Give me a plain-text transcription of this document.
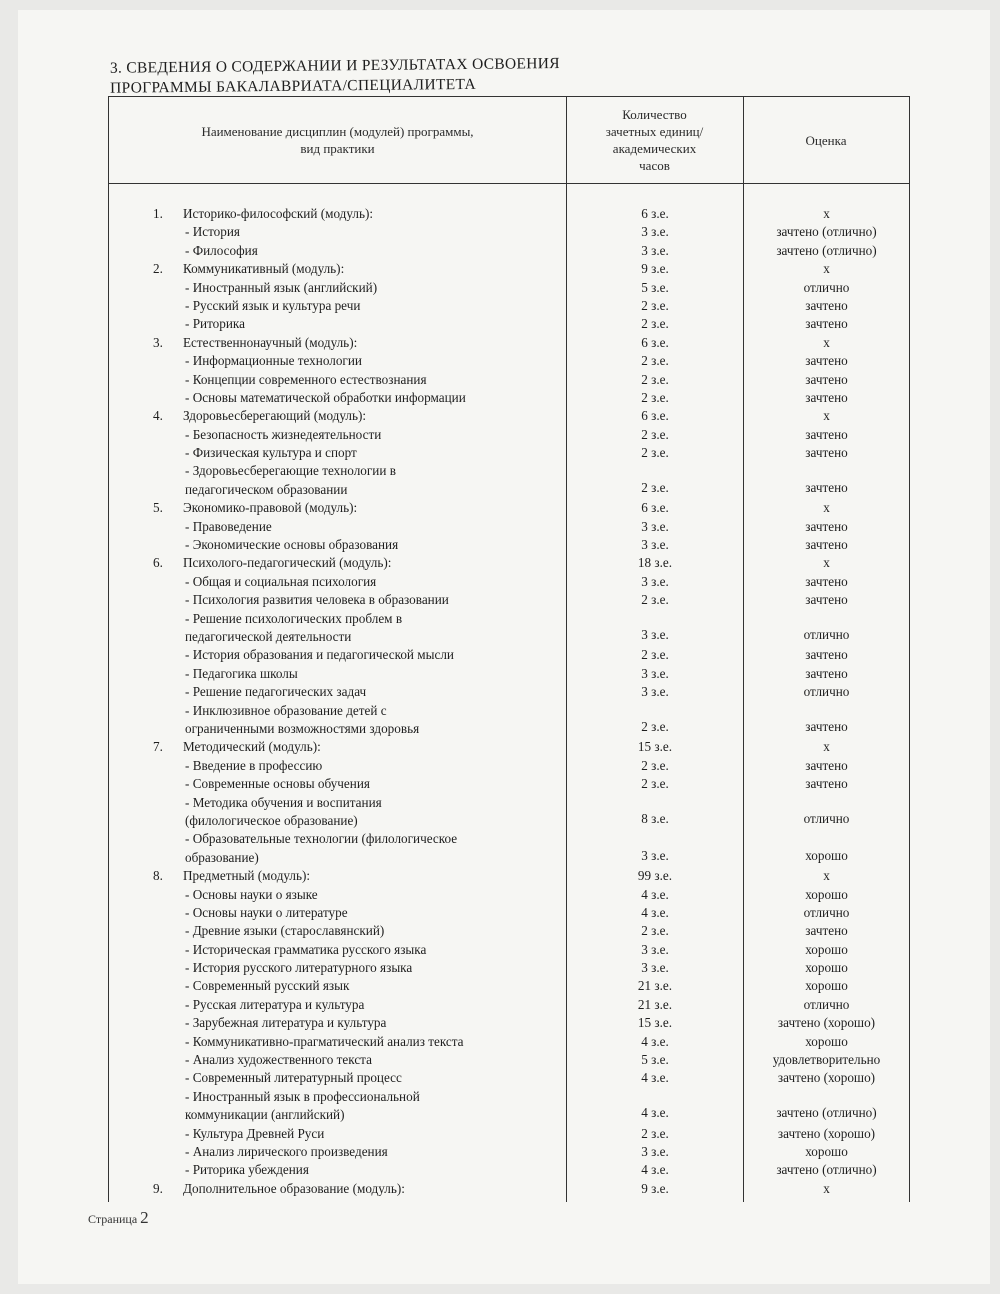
3. СВЕДЕНИЯ О СОДЕРЖАНИИ И РЕЗУЛЬТАТАХ ОСВОЕНИЯ
ПРОГРАММЫ БАКАЛАВРИАТА/СПЕЦИАЛИТЕТА
Наименование дисциплин (модулей) программы,
вид практики
Количество
зачетных единиц/
академических
часов
Оценка
1.	Историко-философский (модуль):	6 з.е.	х
- История	3 з.е.	зачтено (отлично)
- Философия	3 з.е.	зачтено (отлично)
2.	Коммуникативный (модуль):	9 з.е.	х
- Иностранный язык (английский)	5 з.е.	отлично
- Русский язык и культура речи	2 з.е.	зачтено
- Риторика	2 з.е.	зачтено
3.	Естественнонаучный (модуль):	6 з.е.	х
- Информационные технологии	2 з.е.	зачтено
- Концепции современного естествознания	2 з.е.	зачтено
- Основы математической обработки информации	2 з.е.	зачтено
4.	Здоровьесберегающий (модуль):	6 з.е.	х
- Безопасность жизнедеятельности	2 з.е.	зачтено
- Физическая культура и спорт	2 з.е.	зачтено
- Здоровьесберегающие технологии в
педагогическом образовании	2 з.е.	зачтено
5.	Экономико-правовой (модуль):	6 з.е.	х
- Правоведение	3 з.е.	зачтено
- Экономические основы образования	3 з.е.	зачтено
6.	Психолого-педагогический (модуль):	18 з.е.	х
- Общая и социальная психология	3 з.е.	зачтено
- Психология развития человека в образовании	2 з.е.	зачтено
- Решение психологических проблем в
педагогической деятельности	3 з.е.	отлично
- История образования и педагогической мысли	2 з.е.	зачтено
- Педагогика школы	3 з.е.	зачтено
- Решение педагогических задач	3 з.е.	отлично
- Инклюзивное образование детей с
ограниченными возможностями здоровья	2 з.е.	зачтено
7.	Методический (модуль):	15 з.е.	х
- Введение в профессию	2 з.е.	зачтено
- Современные основы обучения	2 з.е.	зачтено
- Методика обучения и воспитания
(филологическое образование)	8 з.е.	отлично
- Образовательные технологии (филологическое
образование)	3 з.е.	хорошо
8.	Предметный (модуль):	99 з.е.	х
- Основы науки о языке	4 з.е.	хорошо
- Основы науки о литературе	4 з.е.	отлично
- Древние языки (старославянский)	2 з.е.	зачтено
- Историческая грамматика русского языка	3 з.е.	хорошо
- История русского литературного языка	3 з.е.	хорошо
- Современный русский язык	21 з.е.	хорошо
- Русская литература и культура	21 з.е.	отлично
- Зарубежная литература и культура	15 з.е.	зачтено (хорошо)
- Коммуникативно-прагматический анализ текста	4 з.е.	хорошо
- Анализ художественного текста	5 з.е.	удовлетворительно
- Современный литературный процесс	4 з.е.	зачтено (хорошо)
- Иностранный язык в профессиональной
коммуникации (английский)	4 з.е.	зачтено (отлично)
- Культура Древней Руси	2 з.е.	зачтено (хорошо)
- Анализ лирического произведения	3 з.е.	хорошо
- Риторика убеждения	4 з.е.	зачтено (отлично)
9.	Дополнительное образование (модуль):	9 з.е.	х
Страница 2
